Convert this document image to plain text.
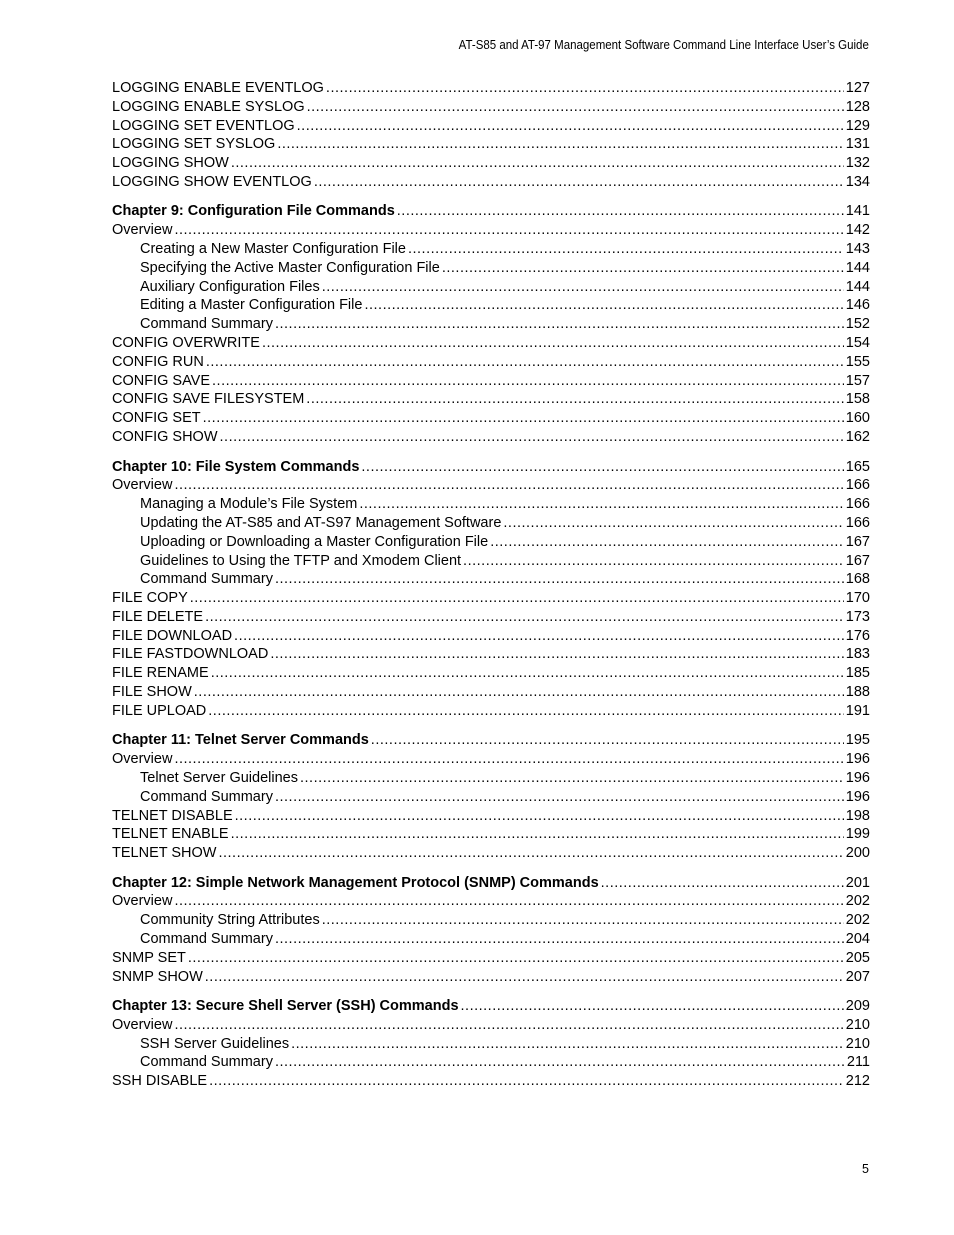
AT-S85 and AT-97 Management Software Command Line Interface User’s Guide
LOGGING ENABLE EVENTLOG .....	127
LOGGING ENABLE SYSLOG .....	128
LOGGING SET EVENTLOG .....	129
LOGGING SET SYSLOG .....	131
LOGGING SHOW .....	132
LOGGING SHOW EVENTLOG .....	134
Chapter 9: Configuration File Commands .....	141
Overview .....	142
Creating a New Master Configuration File .....	143
Specifying the Active Master Configuration File .....	144
Auxiliary Configuration Files .....	144
Editing a Master Configuration File .....	146
Command Summary .....	152
CONFIG OVERWRITE .....	154
CONFIG RUN .....	155
CONFIG SAVE .....	157
CONFIG SAVE FILESYSTEM .....	158
CONFIG SET .....	160
CONFIG SHOW .....	162
Chapter 10: File System Commands .....	165
Overview .....	166
Managing a Module’s File System .....	166
Updating the AT-S85 and AT-S97 Management Software .....	166
Uploading or Downloading a Master Configuration File .....	167
Guidelines to Using the TFTP and Xmodem Client .....	167
Command Summary .....	168
FILE COPY .....	170
FILE DELETE .....	173
FILE DOWNLOAD .....	176
FILE FASTDOWNLOAD .....	183
FILE RENAME .....	185
FILE SHOW .....	188
FILE UPLOAD .....	191
Chapter 11: Telnet Server Commands .....	195
Overview .....	196
Telnet Server Guidelines .....	196
Command Summary .....	196
TELNET DISABLE .....	198
TELNET ENABLE .....	199
TELNET SHOW .....	200
Chapter 12: Simple Network Management Protocol (SNMP) Commands .....	201
Overview .....	202
Community String Attributes .....	202
Command Summary .....	204
SNMP SET .....	205
SNMP SHOW .....	207
Chapter 13: Secure Shell Server (SSH) Commands .....	209
Overview .....	210
SSH Server Guidelines .....	210
Command Summary .....	211
SSH DISABLE .....	212
5
